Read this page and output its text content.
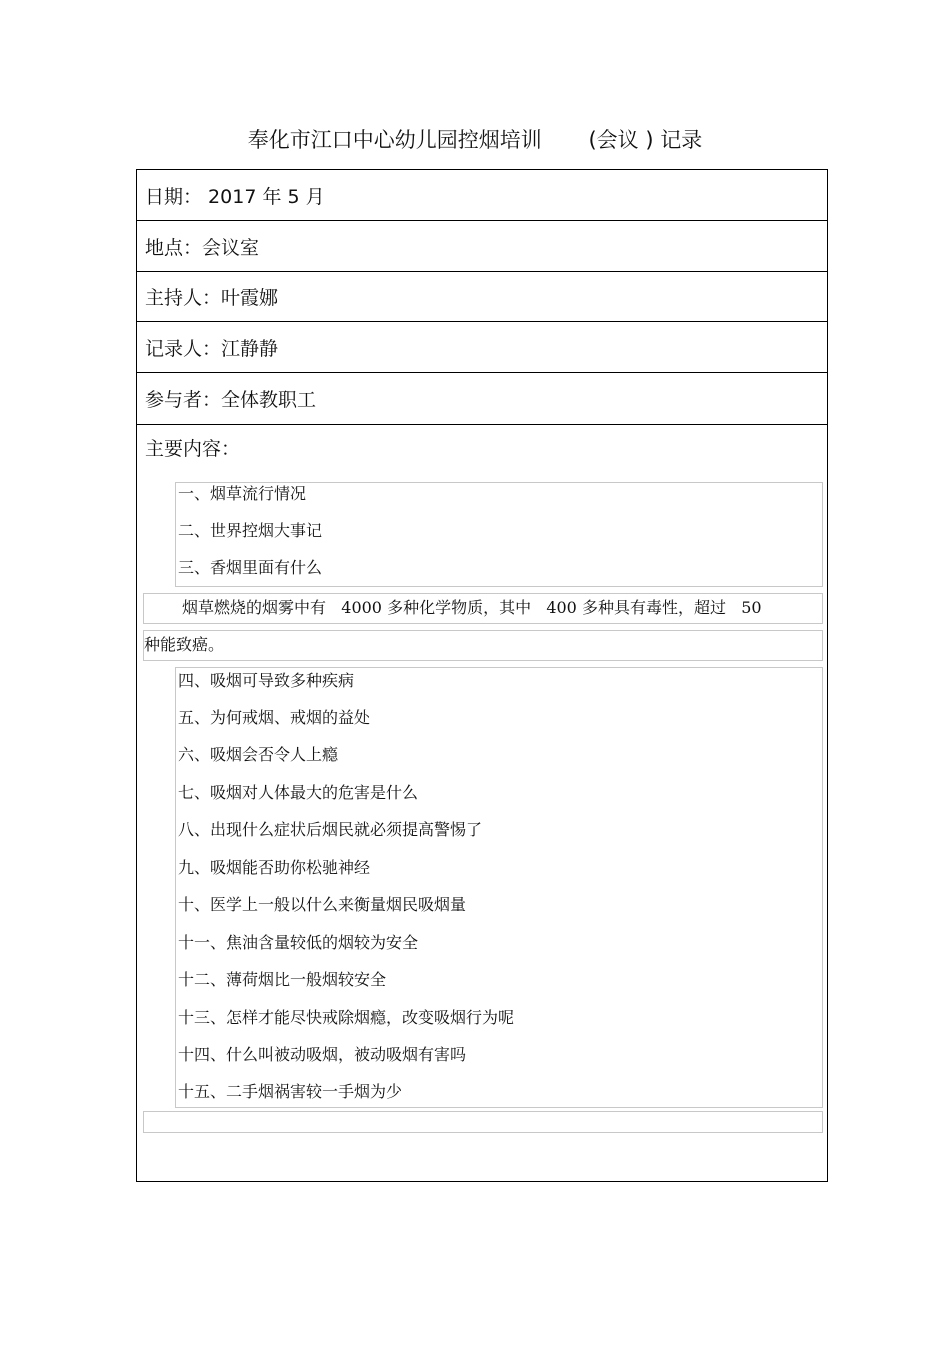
奉化市江口中心幼儿园控烟培训       (会议 ) 记录
日期： 2017 年 5 月
地点： 会议室
主持人： 叶霞娜
记录人： 江静静
参与者： 全体教职工
主要内容：
一、烟草流行情况
二、世界控烟大事记
三、香烟里面有什么
烟草燃烧的烟雾中有   4000 多种化学物质，其中   400 多种具有毒性，超过   50
种能致癌。
四、吸烟可导致多种疾病
五、为何戒烟、戒烟的益处
六、吸烟会否令人上瘾
七、吸烟对人体最大的危害是什么
八、出现什么症状后烟民就必须提高警惕了
九、吸烟能否助你松驰神经
十、医学上一般以什么来衡量烟民吸烟量
十一、焦油含量较低的烟较为安全
十二、薄荷烟比一般烟较安全
十三、怎样才能尽快戒除烟瘾，改变吸烟行为呢
十四、什么叫被动吸烟，被动吸烟有害吗
十五、二手烟祸害较一手烟为少
